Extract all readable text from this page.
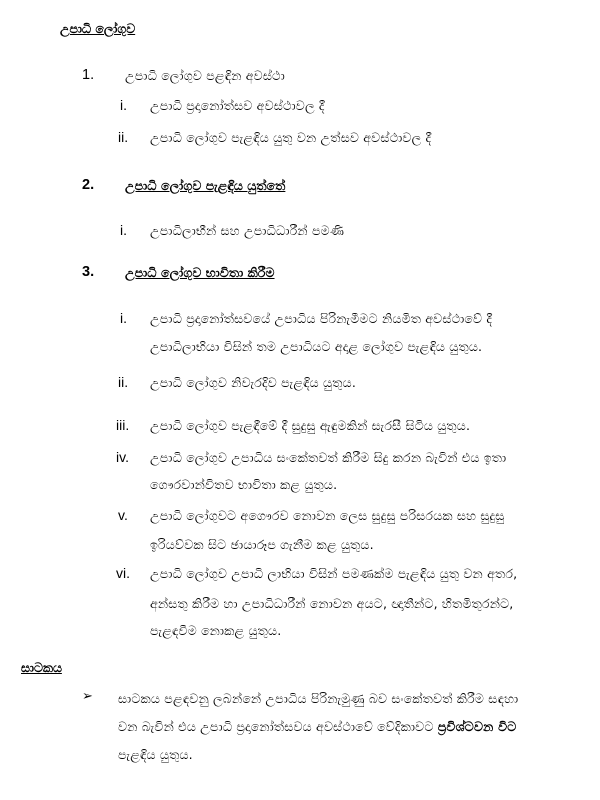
උපාධි ලෝගුව
1. උපාධි ලෝගුව පළඳින අවස්ථා
i. උපාධි ප්‍රදානෝත්සව අවස්ථාවල දී
ii. උපාධි ලෝගුව පැළඳිය යුතු වන උත්සව අවස්ථාවල දී
2. උපාධි ලෝගුව පැළඳිය යුත්තේ
i. උපාධිලාභීන් සහ උපාධිධාරීන් පමණි
3. උපාධි ලෝගුව භාවිතා කිරීම
i. උපාධි ප්‍රදානෝත්සවයේ උපාධිය පිරිනැමීමට නියමිත අවස්ථාවේ දී
උපාධිලාභියා විසින් තම උපාධියට අදාළ ලෝගුව පැළඳිය යුතුය.
ii. උපාධි ලෝගුව නිවැරදිව පැළඳිය යුතුය.
iii. උපාධි ලෝගුව පැළඳීමේ දී සුදුසු ඇඳුමකින් සැරසී සිටිය යුතුය.
iv. උපාධි ලෝගුව උපාධිය සංකේතවත් කිරීම සිදු කරන බැවින් එය ඉතා
ගෞරවාන්විතව භාවිතා කළ යුතුය.
v. උපාධි ලෝගුවට අගෞරව නොවන ලෙස සුදුසු පරිසරයක සහ සුදුසු
ඉරියව්වක සිට ඡායාරූප ගැනීම කළ යුතුය.
vi. උපාධි ලෝගුව උපාධි ලාභියා විසින් පමණක්ම පැළඳිය යුතු වන අතර,
අන්සතු කිරීම හා උපාධිධාරීන් නොවන අයට, ඥාතීන්ට, හිතමිතුරන්ට,
පැළඳවීම නොකළ යුතුය.
සාටකය
➢ සාටකය පළඳවනු ලබන්නේ උපාධිය පිරිනැමුණු බව සංකේතවත් කිරීම සඳහා
වන බැවින් එය උපාධි ප්‍රදානෝත්සවය අවස්ථාවේ වේදිකාවට ප්‍රවිශ්ටවන විට
පැළඳිය යුතුය.
